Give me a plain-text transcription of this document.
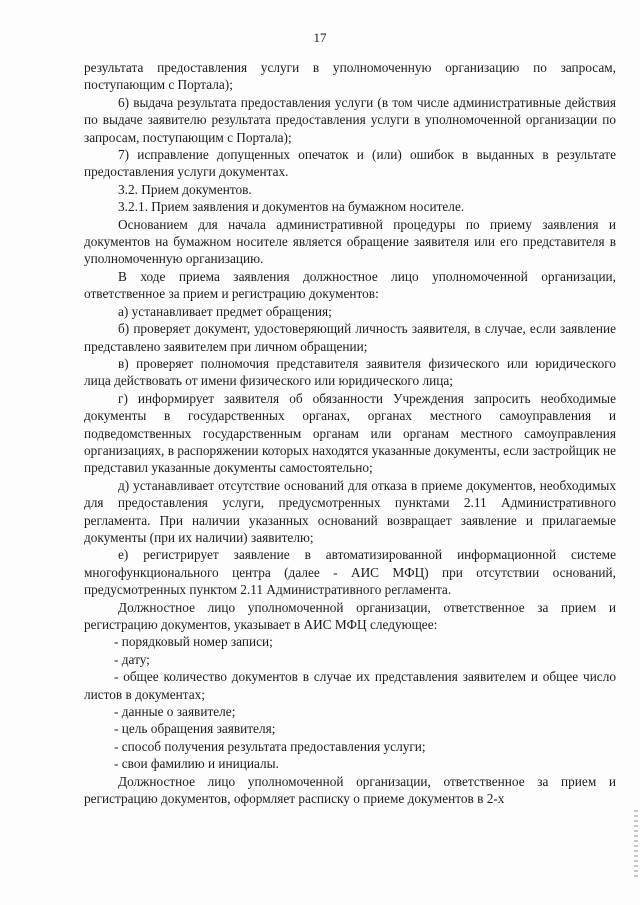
17

результата предоставления услуги в уполномоченную организацию по запросам, поступающим с Портала);

6) выдача результата предоставления услуги (в том числе административные действия по выдаче заявителю результата предоставления услуги в уполномоченной организации по запросам, поступающим с Портала);

7) исправление допущенных опечаток и (или) ошибок в выданных в результате предоставления услуги документах.

3.2. Прием документов.

3.2.1. Прием заявления и документов на бумажном носителе.

Основанием для начала административной процедуры по приему заявления и документов на бумажном носителе является обращение заявителя или его представителя в уполномоченную организацию.

В ходе приема заявления должностное лицо уполномоченной организации, ответственное за прием и регистрацию документов:

а) устанавливает предмет обращения;

б) проверяет документ, удостоверяющий личность заявителя, в случае, если заявление представлено заявителем при личном обращении;

в) проверяет полномочия представителя заявителя физического или юридического лица действовать от имени физического или юридического лица;

г) информирует заявителя об обязанности Учреждения запросить необходимые документы в государственных органах, органах местного самоуправления и подведомственных государственным органам или органам местного самоуправления организациях, в распоряжении которых находятся указанные документы, если застройщик не представил указанные документы самостоятельно;

д) устанавливает отсутствие оснований для отказа в приеме документов, необходимых для предоставления услуги, предусмотренных пунктами 2.11 Административного регламента. При наличии указанных оснований возвращает заявление и прилагаемые документы (при их наличии) заявителю;

е) регистрирует заявление в автоматизированной информационной системе многофункционального центра (далее - АИС МФЦ) при отсутствии оснований, предусмотренных пунктом 2.11 Административного регламента.

Должностное лицо уполномоченной организации, ответственное за прием и регистрацию документов, указывает в АИС МФЦ следующее:

- порядковый номер записи;

- дату;

- общее количество документов в случае их представления заявителем и общее число листов в документах;

- данные о заявителе;

- цель обращения заявителя;

- способ получения результата предоставления услуги;

- свои фамилию и инициалы.

Должностное лицо уполномоченной организации, ответственное за прием и регистрацию документов, оформляет расписку о приеме документов в 2-х
